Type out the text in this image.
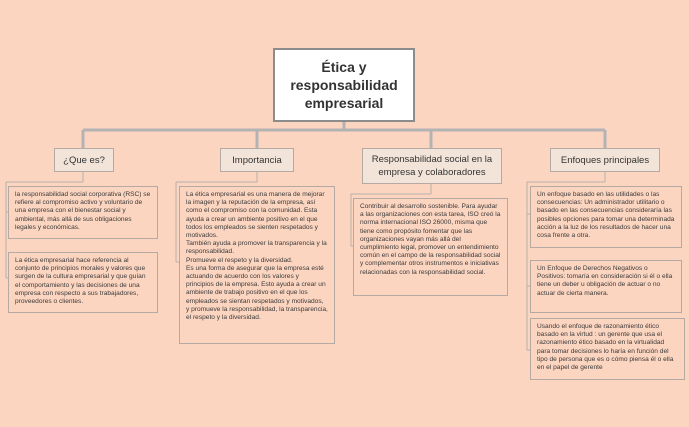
Ética y
responsabilidad
empresarial
¿Que es?	Importancia	Responsabilidad social en la
empresa y colaboradores
Enfoques principales
la responsabilidad social corporativa (RSC) se refiere al compromiso activo y voluntario de una empresa con el bienestar social y ambiental, más allá de sus obligaciones legales y económicas.
La ética empresarial hace referencia al conjunto de principios morales y valores que surgen de la cultura empresarial y que guían el comportamiento y las decisiones de una empresa con respecto a sus trabajadores, proveedores o clientes.
La ética empresarial es una manera de mejorar la imagen y la reputación de la empresa, así como el compromiso con la comunidad. Esta ayuda a crear un ambiente positivo en el que todos los empleados se sienten respetados y motivados.
También ayuda a promover la transparencia y la
responsabilidad.
Promueve el respeto y la diversidad.
Es una forma de asegurar que la empresa esté actuando de acuerdo con los valores y principios de la empresa. Esto ayuda a crear un ambiente de trabajo positivo en el que los empleados se sientan respetados y motivados, y promueve la responsabilidad, la transparencia, el respeto y la diversidad.
Contribuir al desarrollo sostenible. Para ayudar a las organizaciones con esta tarea, ISO creó la norma internacional ISO 26000, misma que tiene como propósito fomentar que las organizaciones vayan más allá del cumplimiento legal, promover un entendimiento común en el campo de la responsabilidad social y complementar otros instrumentos e iniciativas relacionadas con la responsabilidad social.
Un enfoque basado en las utilidades o las consecuencias: Un administrador utilitario o basado en las consecuencias consideraría las posibles opciones para tomar una determinada acción a la luz de los resultados de hacer una cosa frente a otra.
Un Enfoque de Derechos Negativos o Positivos: tomaría en consideración si él o ella tiene un deber u obligación de actuar o no actuar de cierta manera.
Usando el enfoque de razonamiento ético basado en la virtud : un gerente que usa el razonamiento ético basado en la virtualidad para tomar decisiones lo haría en función del tipo de persona que es o cómo piensa él o ella en el papel de gerente
